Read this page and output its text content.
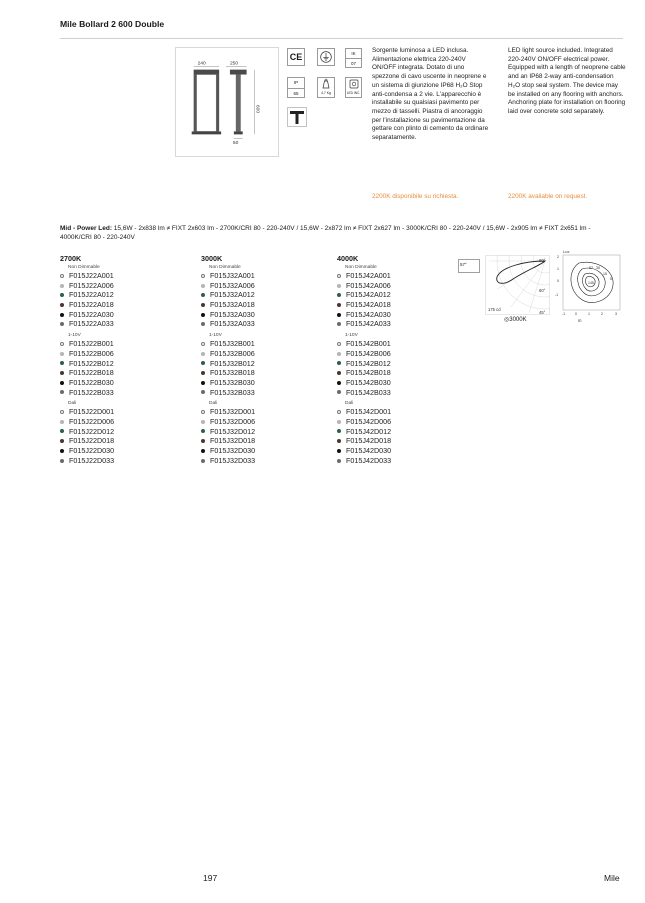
Mile Bollard 2 600 Double
240	250
600
50
CE	IK
07
IP
65	4,7 Kg	LED INC.
Sorgente luminosa a LED inclusa. Alimentazione elettrica 220-240V ON/OFF integrata. Dotato di uno spezzone di cavo uscente in neoprene e un sistema di giunzione IP68 H₂O Stop anti-condensa a 2 vie. L'apparecchio è installabile su qualsiasi pavimento per mezzo di tasselli. Piastra di ancoraggio per l'installazione su pavimentazione da gettare con plinto di cemento da ordinare separatamente.
LED light source included. Integrated 220-240V ON/OFF electrical power. Equipped with a length of neoprene cable and an IP68 2-way anti-condensation H₂O stop seal system. The device may be installed on any flooring with anchors. Anchoring plate for installation on flooring laid over concrete sold separately.
2200K disponibile su richiesta.	2200K available on request.
Mid - Power Led: 15,6W - 2x838 lm ≠ FIXT 2x603 lm - 2700K/CRI 80 - 220-240V / 15,6W - 2x872 lm ≠ FIXT 2x627 lm - 3000K/CRI 80 - 220-240V / 15,6W - 2x905 lm ≠ FIXT 2x651 lm - 4000K/CRI 80 - 220-240V
2700K
Non Dimmable
F015J22A001
F015J22A006
F015J22A012
F015J22A018
F015J22A030
F015J22A033
1-10V
F015J22B001
F015J22B006
F015J22B012
F015J22B018
F015J22B030
F015J22B033
Dali
F015J22D001
F015J22D006
F015J22D012
F015J22D018
F015J22D030
F015J22D033
3000K
Non Dimmable
F015J32A001
F015J32A006
F015J32A012
F015J32A018
F015J32A030
F015J32A033
1-10V
F015J32B001
F015J32B006
F015J32B012
F015J32B018
F015J32B030
F015J32B033
Dali
F015J32D001
F015J32D006
F015J32D012
F015J32D018
F015J32D030
F015J32D033
4000K
Non Dimmable
F015J42A001
F015J42A006
F015J42A012
F015J42A018
F015J42A030
F015J42A033
1-10V
F015J42B001
F015J42B006
F015J42B012
F015J42B018
F015J42B030
F015J42B033
Dali
F015J42D001
F015J42D006
F015J42D012
F015J42D018
F015J42D030
F015J42D033
57°
90°
60°
45°
175 cd
◎3000K
Lux
52 35
15
5
145
2
1
0
-1
-1	0	1	2	3
m
197	Mile
